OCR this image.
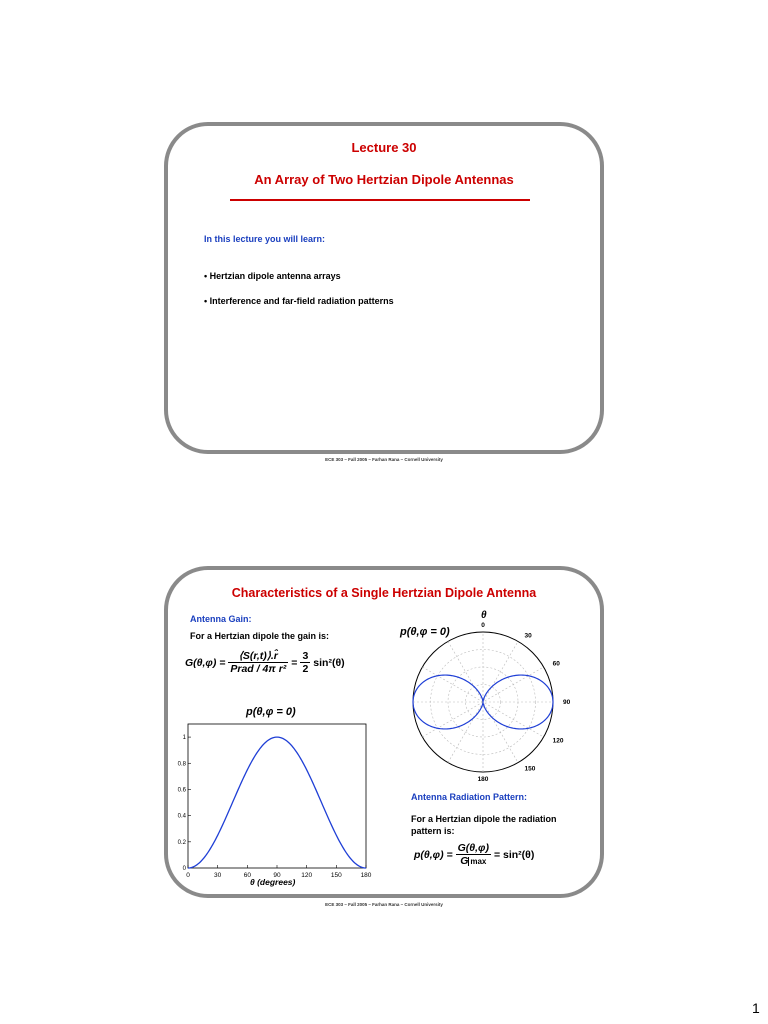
Lecture 30
An Array of Two Hertzian Dipole Antennas
In this lecture you will learn:
• Hertzian dipole antenna arrays
• Interference and far-field radiation patterns
ECE 303 – Fall 2005 – Farhan Rana – Cornell University
Characteristics of a Single Hertzian Dipole Antenna
Antenna Gain:
For a Hertzian dipole the gain is:
$G(\theta,\varphi) = \frac{⟨S(r,t)⟩.r̂}{\text{Prad / 4π r²}} = \frac{3}{2} \sin^2(\theta)$
p(θ,φ = 0)
0	30	60	90	120	150	180
0
0.2
0.4
0.6
0.8
1
θ (degrees)
p(θ,φ = 0)
θ
0
30
60
90
120
150
180
Antenna Radiation Pattern:
For a Hertzian dipole the radiation
pattern is:
$p(\theta,\varphi) = \frac{G(\theta,\varphi)}{\text{G max}} = \sin^2(\theta)$
ECE 303 – Fall 2005 – Farhan Rana – Cornell University
1
